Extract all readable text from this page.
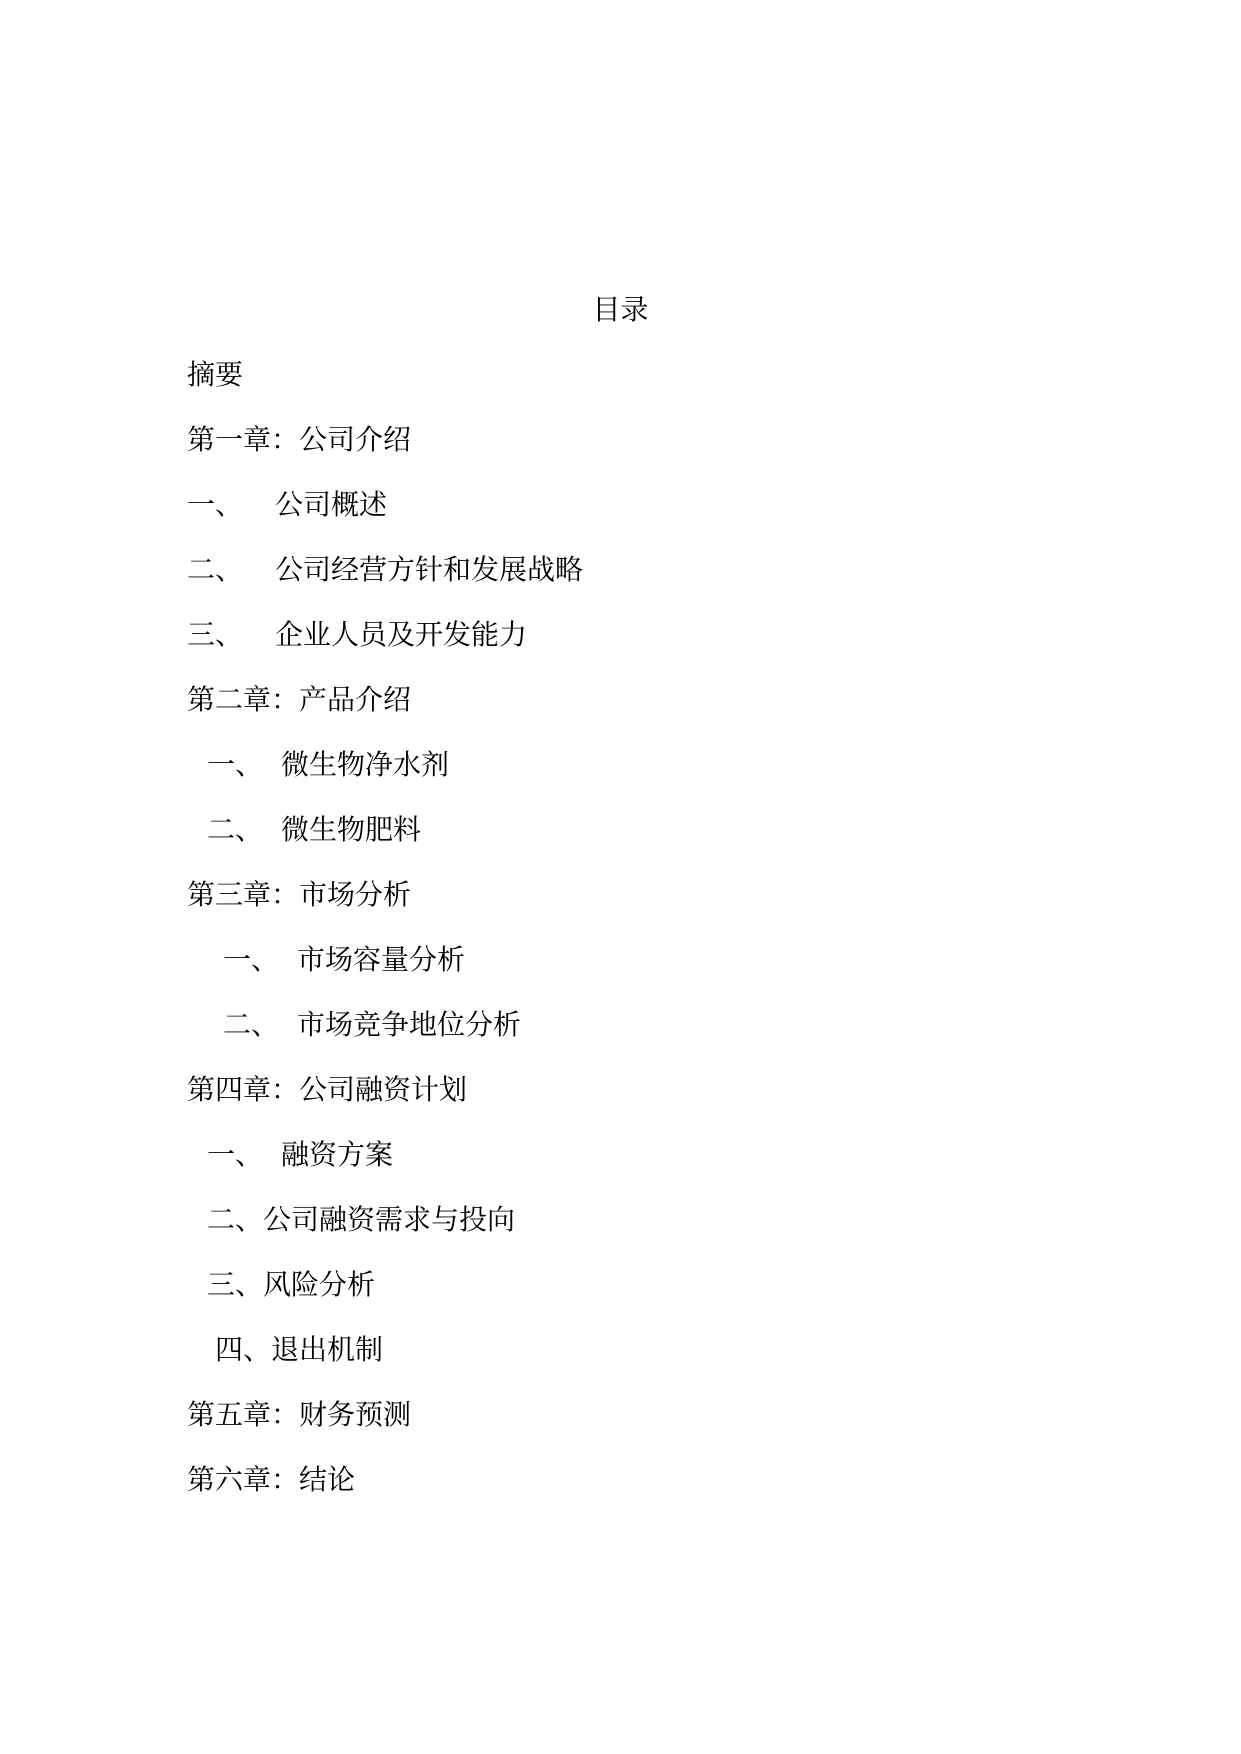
目录
摘要
第一章：公司介绍
一、 公司概述
二、 公司经营方针和发展战略
三、 企业人员及开发能力
第二章：产品介绍
一、 微生物净水剂
二、 微生物肥料
第三章：市场分析
一、 市场容量分析
二、 市场竞争地位分析
第四章：公司融资计划
一、 融资方案
二、公司融资需求与投向
三、风险分析
四、退出机制
第五章：财务预测
第六章：结论
